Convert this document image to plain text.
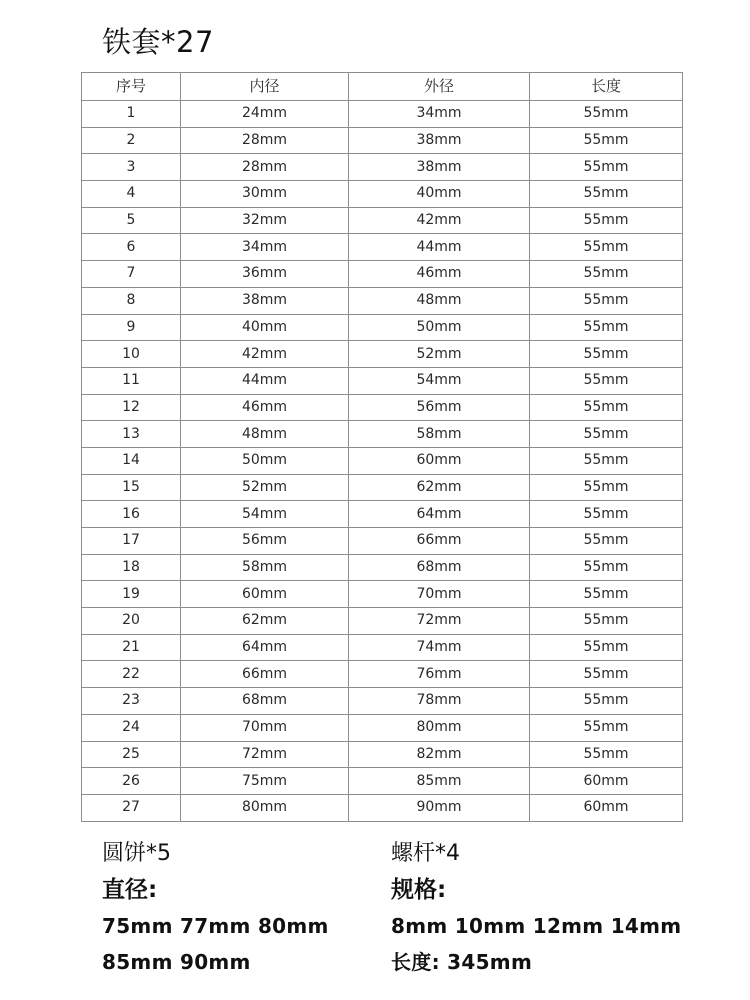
铁套*27
序号	内径	外径	长度
1	24mm	34mm	55mm
2	28mm	38mm	55mm
3	28mm	38mm	55mm
4	30mm	40mm	55mm
5	32mm	42mm	55mm
6	34mm	44mm	55mm
7	36mm	46mm	55mm
8	38mm	48mm	55mm
9	40mm	50mm	55mm
10	42mm	52mm	55mm
11	44mm	54mm	55mm
12	46mm	56mm	55mm
13	48mm	58mm	55mm
14	50mm	60mm	55mm
15	52mm	62mm	55mm
16	54mm	64mm	55mm
17	56mm	66mm	55mm
18	58mm	68mm	55mm
19	60mm	70mm	55mm
20	62mm	72mm	55mm
21	64mm	74mm	55mm
22	66mm	76mm	55mm
23	68mm	78mm	55mm
24	70mm	80mm	55mm
25	72mm	82mm	55mm
26	75mm	85mm	60mm
27	80mm	90mm	60mm
圆饼*5
直径:
75mm 77mm 80mm
85mm 90mm
螺杆*4
规格:
8mm 10mm 12mm 14mm
长度: 345mm
